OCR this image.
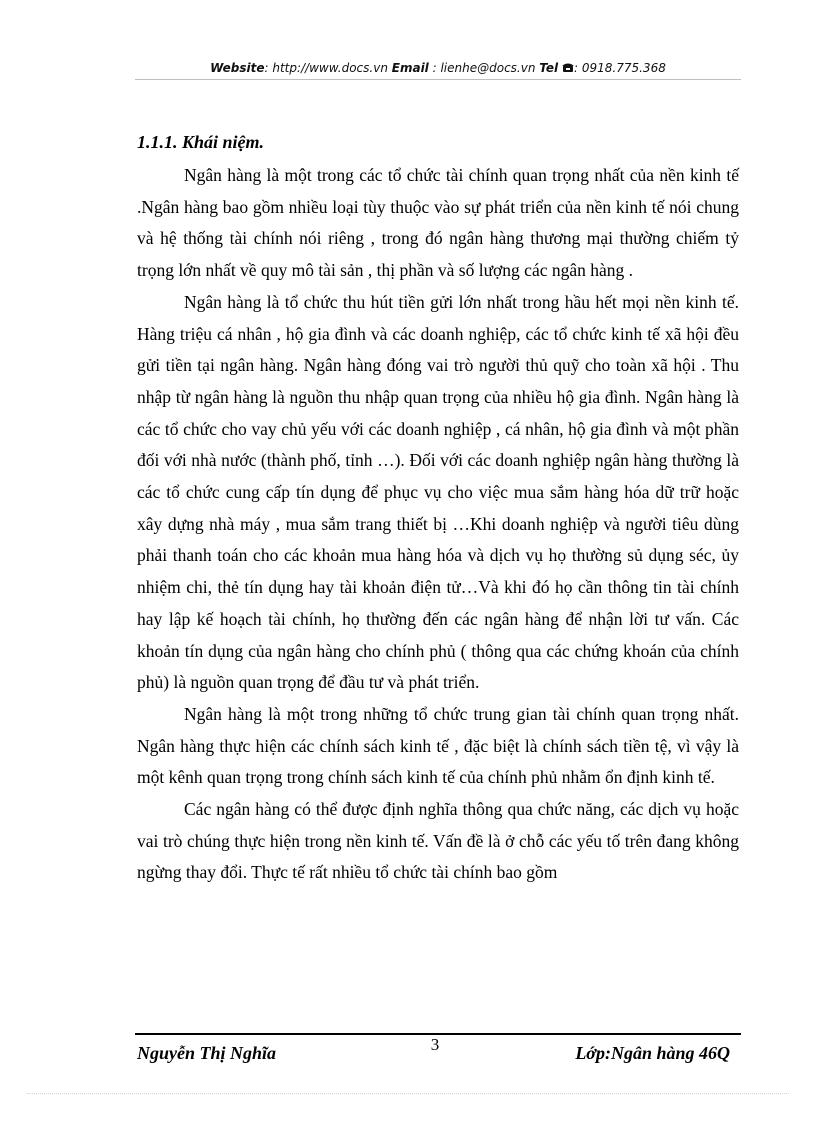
Website: http://www.docs.vn Email : lienhe@docs.vn Tel : 0918.775.368
1.1.1. Khái niệm.

Ngân hàng là một trong các tổ chức tài chính quan trọng nhất của nền kinh tế .Ngân hàng bao gồm nhiều loại tùy thuộc vào sự phát triển của nền kinh tế nói chung và hệ thống tài chính nói riêng , trong đó ngân hàng thương mại thường chiếm tỷ trọng lớn nhất về quy mô tài sản , thị phần và số lượng các ngân hàng .

Ngân hàng là tổ chức thu hút tiền gửi lớn nhất trong hầu hết mọi nền kinh tế. Hàng triệu cá nhân , hộ gia đình và các doanh nghiệp, các tổ chức kinh tế xã hội đều gửi tiền tại ngân hàng. Ngân hàng đóng vai trò người thủ quỹ cho toàn xã hội . Thu nhập từ ngân hàng là nguồn thu nhập quan trọng của nhiều hộ gia đình. Ngân hàng là các tổ chức cho vay chủ yếu với các doanh nghiệp , cá nhân, hộ gia đình và một phần đối với nhà nước (thành phố, tỉnh …). Đối với các doanh nghiệp ngân hàng thường là các tổ chức cung cấp tín dụng để phục vụ cho việc mua sắm hàng hóa dữ trữ hoặc xây dựng nhà máy , mua sắm trang thiết bị …Khi doanh nghiệp và người tiêu dùng phải thanh toán cho các khoản mua hàng hóa và dịch vụ họ thường sủ dụng séc, ủy nhiệm chi, thẻ tín dụng hay tài khoản điện tử…Và khi đó họ cần thông tin tài chính hay lập kế hoạch tài chính, họ thường đến các ngân hàng để nhận lời tư vấn. Các khoản tín dụng của ngân hàng cho chính phủ ( thông qua các chứng khoán của chính phủ) là nguồn quan trọng để đầu tư và phát triển.

Ngân hàng là một trong những tổ chức trung gian tài chính quan trọng nhất. Ngân hàng thực hiện các chính sách kinh tế , đặc biệt là chính sách tiền tệ, vì vậy là một kênh quan trọng trong chính sách kinh tế của chính phủ nhằm ổn định kinh tế.

Các ngân hàng có thể được định nghĩa thông qua chức năng, các dịch vụ hoặc vai trò chúng thực hiện trong nền kinh tế. Vấn đề là ở chỗ các yếu tố trên đang không ngừng thay đổi. Thực tế rất nhiều tổ chức tài chính bao gồm

Nguyễn Thị Nghĩa	3	Lớp:Ngân hàng 46Q
